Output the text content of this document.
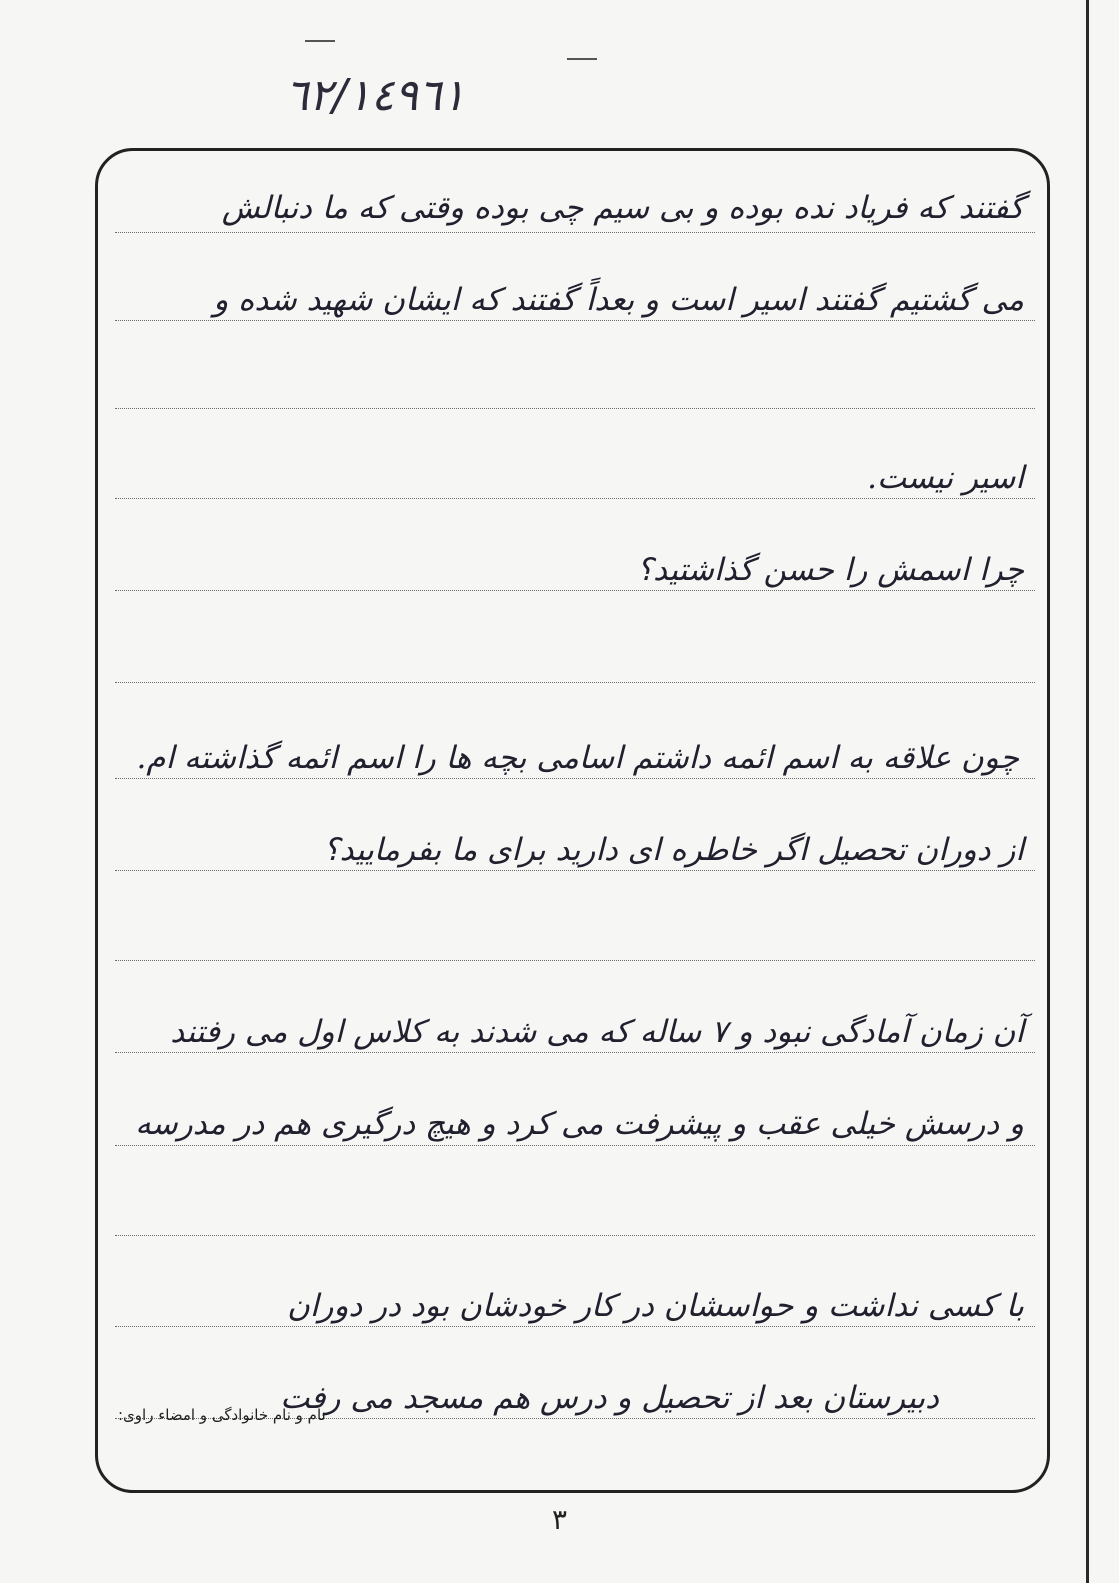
٦٢/١٤٩٦١
گفتند که فریاد نده بوده و بی سیم چی بوده وقتی که ما دنبالش
می گشتیم گفتند اسیر است و بعداً گفتند که ایشان شهید شده و
اسیر نیست.
چرا اسمش را حسن گذاشتید؟
چون علاقه به اسم ائمه داشتم اسامی بچه ها را اسم ائمه گذاشته ام.
از دوران تحصیل اگر خاطره ای دارید برای ما بفرمایید؟
آن زمان آمادگی نبود و ۷ ساله که می شدند به کلاس اول می رفتند
و درسش خیلی عقب و پیشرفت می کرد و هیچ درگیری هم در مدرسه
با کسی نداشت و حواسشان در کار خودشان بود در دوران
دبیرستان بعد از تحصیل و درس هم مسجد می رفت
نام و نام خانوادگی و امضاء راوی:
٣
